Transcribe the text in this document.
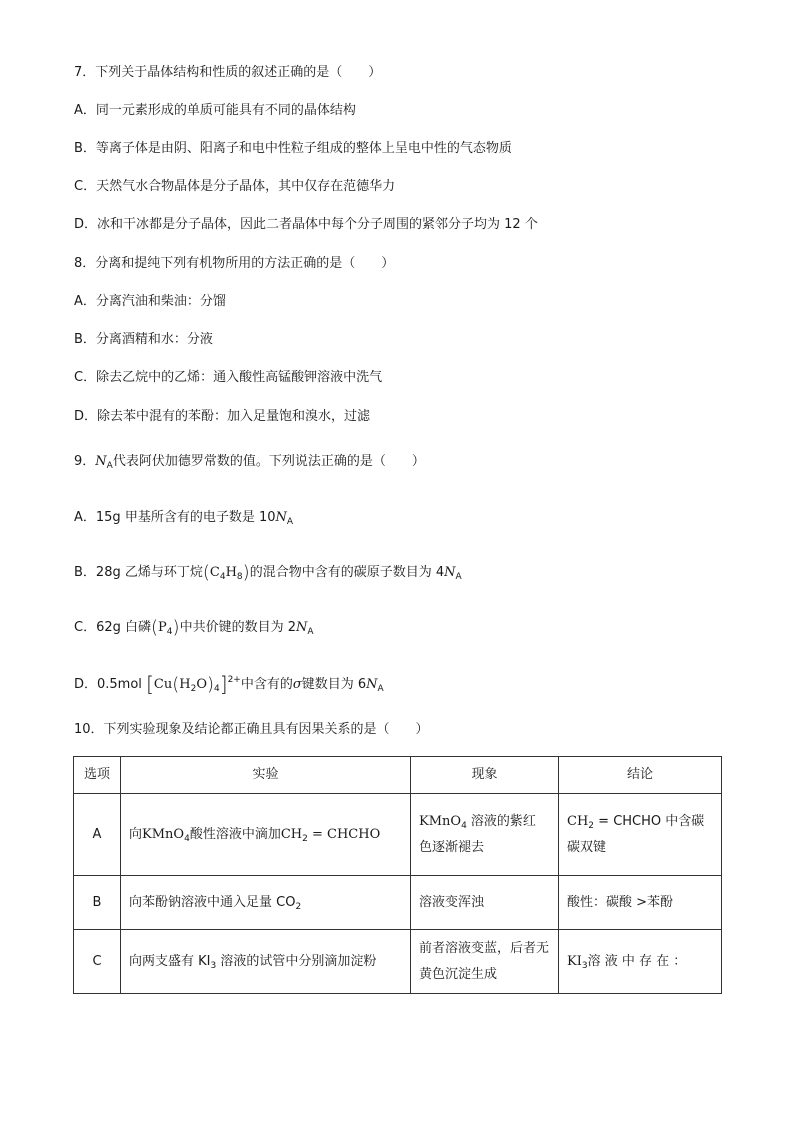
7．下列关于晶体结构和性质的叙述正确的是（　　）
A．同一元素形成的单质可能具有不同的晶体结构
B．等离子体是由阴、阳离子和电中性粒子组成的整体上呈电中性的气态物质
C．天然气水合物晶体是分子晶体，其中仅存在范德华力
D．冰和干冰都是分子晶体，因此二者晶体中每个分子周围的紧邻分子均为 12 个
8．分离和提纯下列有机物所用的方法正确的是（　　）
A．分离汽油和柴油：分馏
B．分离酒精和水：分液
C．除去乙烷中的乙烯：通入酸性高锰酸钾溶液中洗气
D．除去苯中混有的苯酚：加入足量饱和溴水，过滤
9．$N_A$代表阿伏加德罗常数的值。下列说法正确的是（　　）
A．15g 甲基所含有的电子数是 $10N_A$
B．28g 乙烯与环丁烷$(C_4H_8)$的混合物中含有的碳原子数目为 $4N_A$
C．62g 白磷$(P_4)$中共价键的数目为 $2N_A$
D．0.5mol $[Cu(H_2O)_4]^{2+}$中含有的σ键数目为 $6N_A$
10．下列实验现象及结论都正确且具有因果关系的是（　　）
选项	实验	现象	结论
A	向KMnO$_4$酸性溶液中滴加$CH_2$ = CHCHO	KMnO$_4$ 溶液的紫红
色逐渐褪去	$CH_2$ = CHCHO 中含碳
碳双键
B	向苯酚钠溶液中通入足量 $CO_2$	溶液变浑浊	酸性：碳酸 >苯酚
C	向两支盛有 $KI_3$ 溶液的试管中分别滴加淀粉	前者溶液变蓝，后者无
黄色沉淀生成	$KI_3$溶 液 中 存 在 ：
